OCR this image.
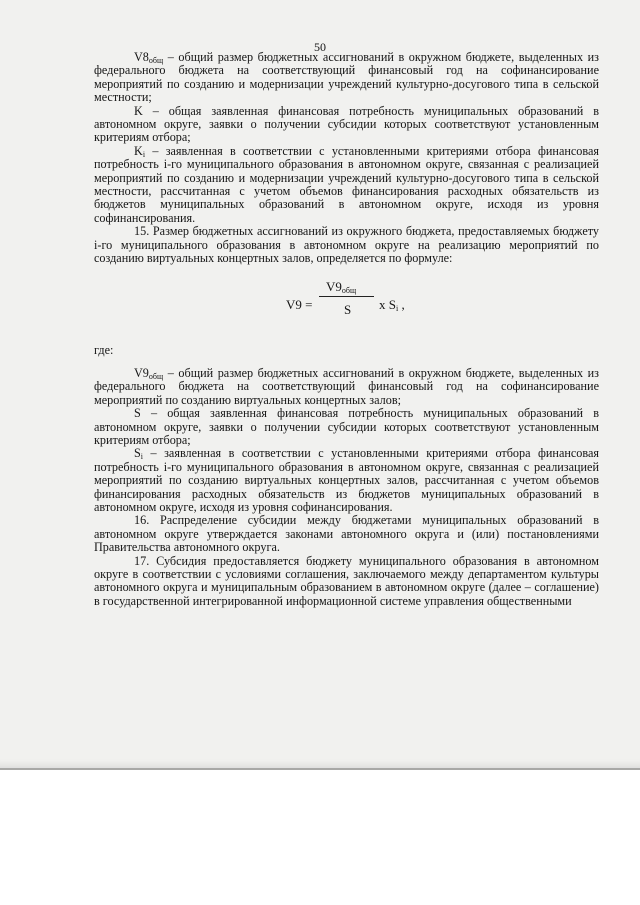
50

$V8_{общ}$ – общий размер бюджетных ассигнований в окружном бюджете, выделенных из федерального бюджета на соответствующий финансовый год на софинансирование мероприятий по созданию и модернизации учреждений культурно-досугового типа в сельской местности;

K – общая заявленная финансовая потребность муниципальных образований в автономном округе, заявки о получении субсидии которых соответствуют установленным критериям отбора;

$K_i$ – заявленная в соответствии с установленными критериями отбора финансовая потребность i-го муниципального образования в автономном округе, связанная с реализацией мероприятий по созданию и модернизации учреждений культурно-досугового типа в сельской местности, рассчитанная с учетом объемов финансирования расходных обязательств из бюджетов муниципальных образований в автономном округе, исходя из уровня софинансирования.

15. Размер бюджетных ассигнований из окружного бюджета, предоставляемых бюджету i-го муниципального образования в автономном округе на реализацию мероприятий по созданию виртуальных концертных залов, определяется по формуле:

V9 =
$V9_{общ}$
S x $S_i$ ,

где:

$V9_{общ}$ – общий размер бюджетных ассигнований в окружном бюджете, выделенных из федерального бюджета на соответствующий финансовый год на софинансирование мероприятий по созданию виртуальных концертных залов;

S – общая заявленная финансовая потребность муниципальных образований в автономном округе, заявки о получении субсидии которых соответствуют установленным критериям отбора;

$S_i$ – заявленная в соответствии с установленными критериями отбора финансовая потребность i-го муниципального образования в автономном округе, связанная с реализацией мероприятий по созданию виртуальных концертных залов, рассчитанная с учетом объемов финансирования расходных обязательств из бюджетов муниципальных образований в автономном округе, исходя из уровня софинансирования.

16. Распределение субсидии между бюджетами муниципальных образований в автономном округе утверждается законами автономного округа и (или) постановлениями Правительства автономного округа.

17. Субсидия предоставляется бюджету муниципального образования в автономном округе в соответствии с условиями соглашения, заключаемого между департаментом культуры автономного округа и муниципальным образованием в автономном округе (далее – соглашение) в государственной интегрированной информационной системе управления общественными
